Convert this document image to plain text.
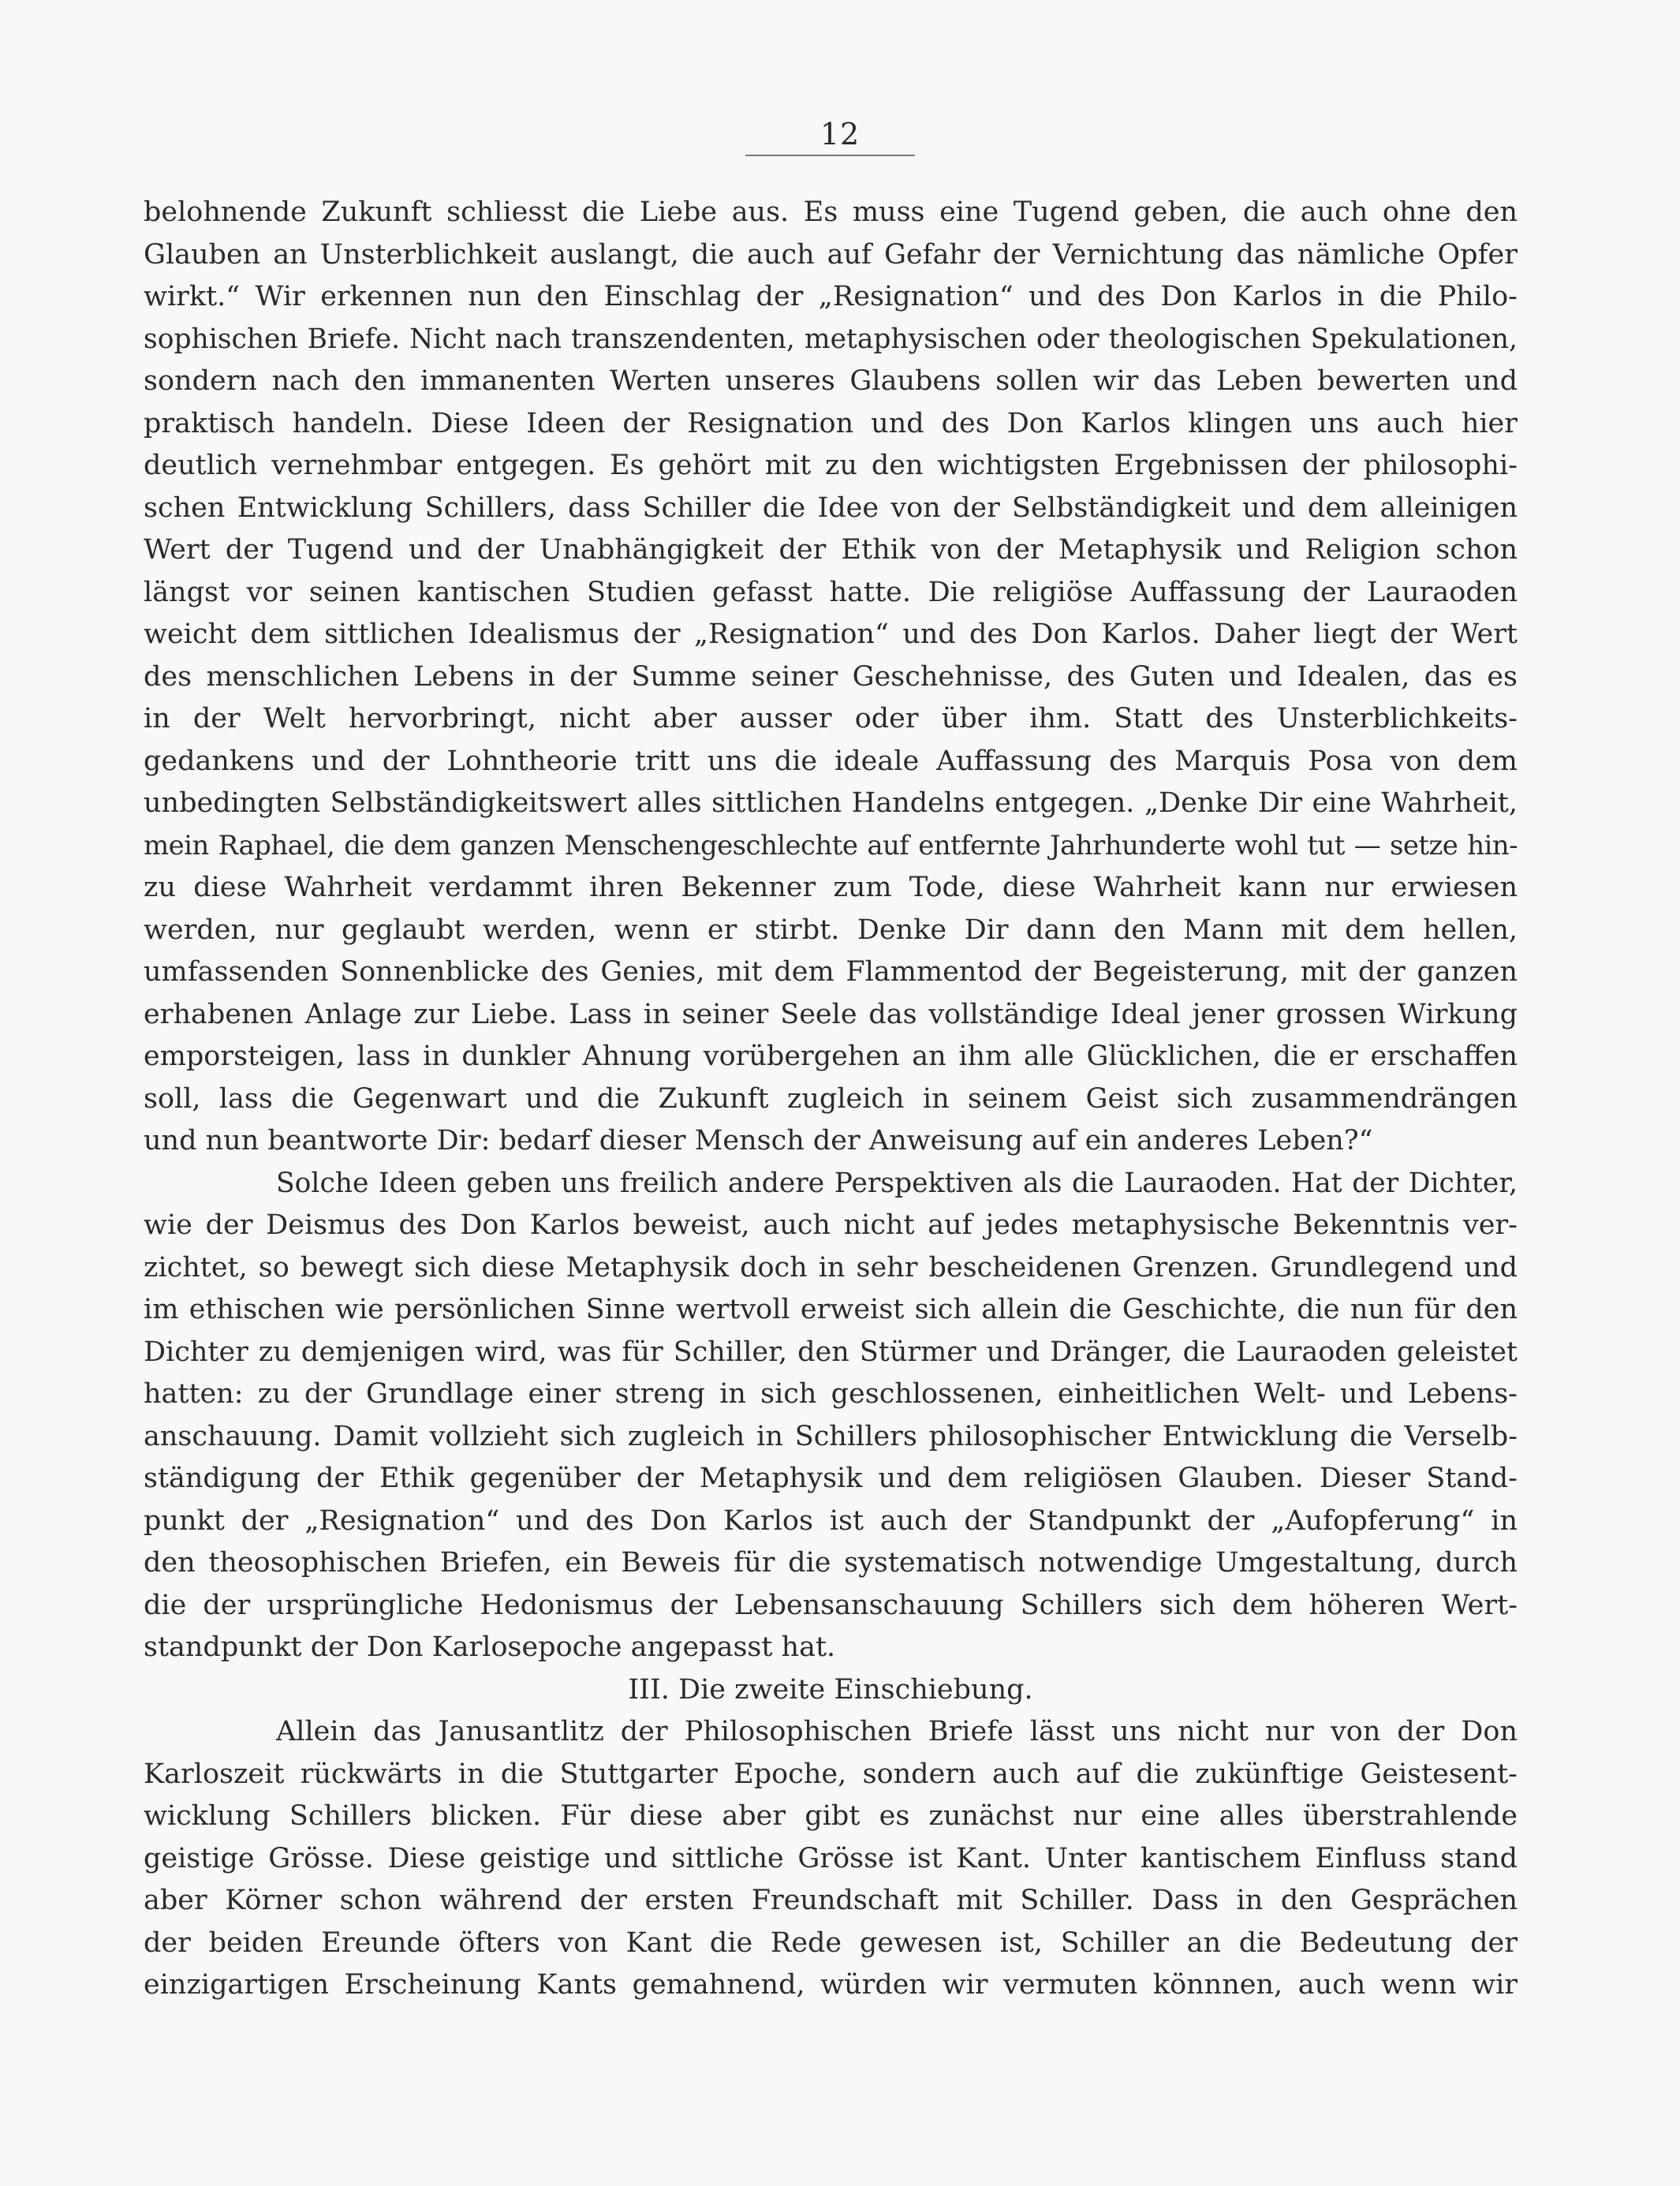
12
belohnende Zukunft schliesst die Liebe aus. Es muss eine Tugend geben, die auch ohne den
Glauben an Unsterblichkeit auslangt, die auch auf Gefahr der Vernichtung das nämliche Opfer
wirkt.“ Wir erkennen nun den Einschlag der „Resignation“ und des Don Karlos in die Philo-
sophischen Briefe. Nicht nach transzendenten, metaphysischen oder theologischen Spekulationen,
sondern nach den immanenten Werten unseres Glaubens sollen wir das Leben bewerten und
praktisch handeln. Diese Ideen der Resignation und des Don Karlos klingen uns auch hier
deutlich vernehmbar entgegen. Es gehört mit zu den wichtigsten Ergebnissen der philosophi-
schen Entwicklung Schillers, dass Schiller die Idee von der Selbständigkeit und dem alleinigen
Wert der Tugend und der Unabhängigkeit der Ethik von der Metaphysik und Religion schon
längst vor seinen kantischen Studien gefasst hatte. Die religiöse Auffassung der Lauraoden
weicht dem sittlichen Idealismus der „Resignation“ und des Don Karlos. Daher liegt der Wert
des menschlichen Lebens in der Summe seiner Geschehnisse, des Guten und Idealen, das es
in der Welt hervorbringt, nicht aber ausser oder über ihm. Statt des Unsterblichkeits-
gedankens und der Lohntheorie tritt uns die ideale Auffassung des Marquis Posa von dem
unbedingten Selbständigkeitswert alles sittlichen Handelns entgegen. „Denke Dir eine Wahrheit,
mein Raphael, die dem ganzen Menschengeschlechte auf entfernte Jahrhunderte wohl tut — setze hin-
zu diese Wahrheit verdammt ihren Bekenner zum Tode, diese Wahrheit kann nur erwiesen
werden, nur geglaubt werden, wenn er stirbt. Denke Dir dann den Mann mit dem hellen,
umfassenden Sonnenblicke des Genies, mit dem Flammentod der Begeisterung, mit der ganzen
erhabenen Anlage zur Liebe. Lass in seiner Seele das vollständige Ideal jener grossen Wirkung
emporsteigen, lass in dunkler Ahnung vorübergehen an ihm alle Glücklichen, die er erschaffen
soll, lass die Gegenwart und die Zukunft zugleich in seinem Geist sich zusammendrängen
und nun beantworte Dir: bedarf dieser Mensch der Anweisung auf ein anderes Leben?“
Solche Ideen geben uns freilich andere Perspektiven als die Lauraoden. Hat der Dichter,
wie der Deismus des Don Karlos beweist, auch nicht auf jedes metaphysische Bekenntnis ver-
zichtet, so bewegt sich diese Metaphysik doch in sehr bescheidenen Grenzen. Grundlegend und
im ethischen wie persönlichen Sinne wertvoll erweist sich allein die Geschichte, die nun für den
Dichter zu demjenigen wird, was für Schiller, den Stürmer und Dränger, die Lauraoden geleistet
hatten: zu der Grundlage einer streng in sich geschlossenen, einheitlichen Welt- und Lebens-
anschauung. Damit vollzieht sich zugleich in Schillers philosophischer Entwicklung die Verselb-
ständigung der Ethik gegenüber der Metaphysik und dem religiösen Glauben. Dieser Stand-
punkt der „Resignation“ und des Don Karlos ist auch der Standpunkt der „Aufopferung“ in
den theosophischen Briefen, ein Beweis für die systematisch notwendige Umgestaltung, durch
die der ursprüngliche Hedonismus der Lebensanschauung Schillers sich dem höheren Wert-
standpunkt der Don Karlosepoche angepasst hat.
III. Die zweite Einschiebung.
Allein das Janusantlitz der Philosophischen Briefe lässt uns nicht nur von der Don
Karloszeit rückwärts in die Stuttgarter Epoche, sondern auch auf die zukünftige Geistesent-
wicklung Schillers blicken. Für diese aber gibt es zunächst nur eine alles überstrahlende
geistige Grösse. Diese geistige und sittliche Grösse ist Kant. Unter kantischem Einfluss stand
aber Körner schon während der ersten Freundschaft mit Schiller. Dass in den Gesprächen
der beiden Ereunde öfters von Kant die Rede gewesen ist, Schiller an die Bedeutung der
einzigartigen Erscheinung Kants gemahnend, würden wir vermuten könnnen, auch wenn wir
